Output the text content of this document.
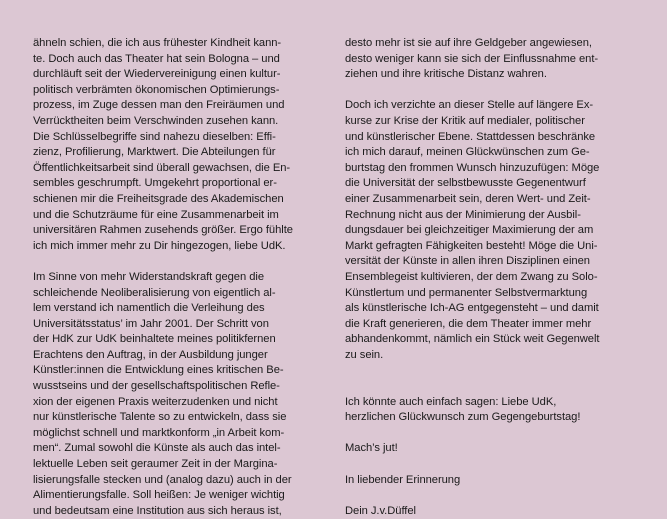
ähneln schien, die ich aus frühester Kindheit kann-
te. Doch auch das Theater hat sein Bologna – und
durchläuft seit der Wiedervereinigung einen kultur-
politisch verbrämten ökonomischen Optimierungs-
prozess, im Zuge dessen man den Freiräumen und
Verrücktheiten beim Verschwinden zusehen kann.
Die Schlüsselbegriffe sind nahezu dieselben: Effi-
zienz, Profilierung, Marktwert. Die Abteilungen für
Öffentlichkeitsarbeit sind überall gewachsen, die En-
sembles geschrumpft. Umgekehrt proportional er-
schienen mir die Freiheitsgrade des Akademischen
und die Schutzräume für eine Zusammenarbeit im
universitären Rahmen zusehends größer. Ergo fühlte
ich mich immer mehr zu Dir hingezogen, liebe UdK.
Im Sinne von mehr Widerstandskraft gegen die
schleichende Neoliberalisierung von eigentlich al-
lem verstand ich namentlich die Verleihung des
Universitätsstatus’ im Jahr 2001. Der Schritt von
der HdK zur UdK beinhaltete meines politikfernen
Erachtens den Auftrag, in der Ausbildung junger
Künstler:innen die Entwicklung eines kritischen Be-
wusstseins und der gesellschaftspolitischen Refle-
xion der eigenen Praxis weiterzudenken und nicht
nur künstlerische Talente so zu entwickeln, dass sie
möglichst schnell und marktkonform „in Arbeit kom-
men“. Zumal sowohl die Künste als auch das intel-
lektuelle Leben seit geraumer Zeit in der Margina-
lisierungsfalle stecken und (analog dazu) auch in der
Alimentierungsfalle. Soll heißen: Je weniger wichtig
und bedeutsam eine Institution aus sich heraus ist,
desto mehr ist sie auf ihre Geldgeber angewiesen,
desto weniger kann sie sich der Einflussnahme ent-
ziehen und ihre kritische Distanz wahren.
Doch ich verzichte an dieser Stelle auf längere Ex-
kurse zur Krise der Kritik auf medialer, politischer
und künstlerischer Ebene. Stattdessen beschränke
ich mich darauf, meinen Glückwünschen zum Ge-
burtstag den frommen Wunsch hinzuzufügen: Möge
die Universität der selbstbewusste Gegenentwurf
einer Zusammenarbeit sein, deren Wert- und Zeit-
Rechnung nicht aus der Minimierung der Ausbil-
dungsdauer bei gleichzeitiger Maximierung der am
Markt gefragten Fähigkeiten besteht! Möge die Uni-
versität der Künste in allen ihren Disziplinen einen
Ensemblegeist kultivieren, der dem Zwang zu Solo-
Künstlertum und permanenter Selbstvermarktung
als künstlerische Ich-AG entgegensteht – und damit
die Kraft generieren, die dem Theater immer mehr
abhandenkommt, nämlich ein Stück weit Gegenwelt
zu sein.
Ich könnte auch einfach sagen: Liebe UdK,
herzlichen Glückwunsch zum Gegengeburtstag!
Mach’s jut!
In liebender Erinnerung
Dein J.v.Düffel
